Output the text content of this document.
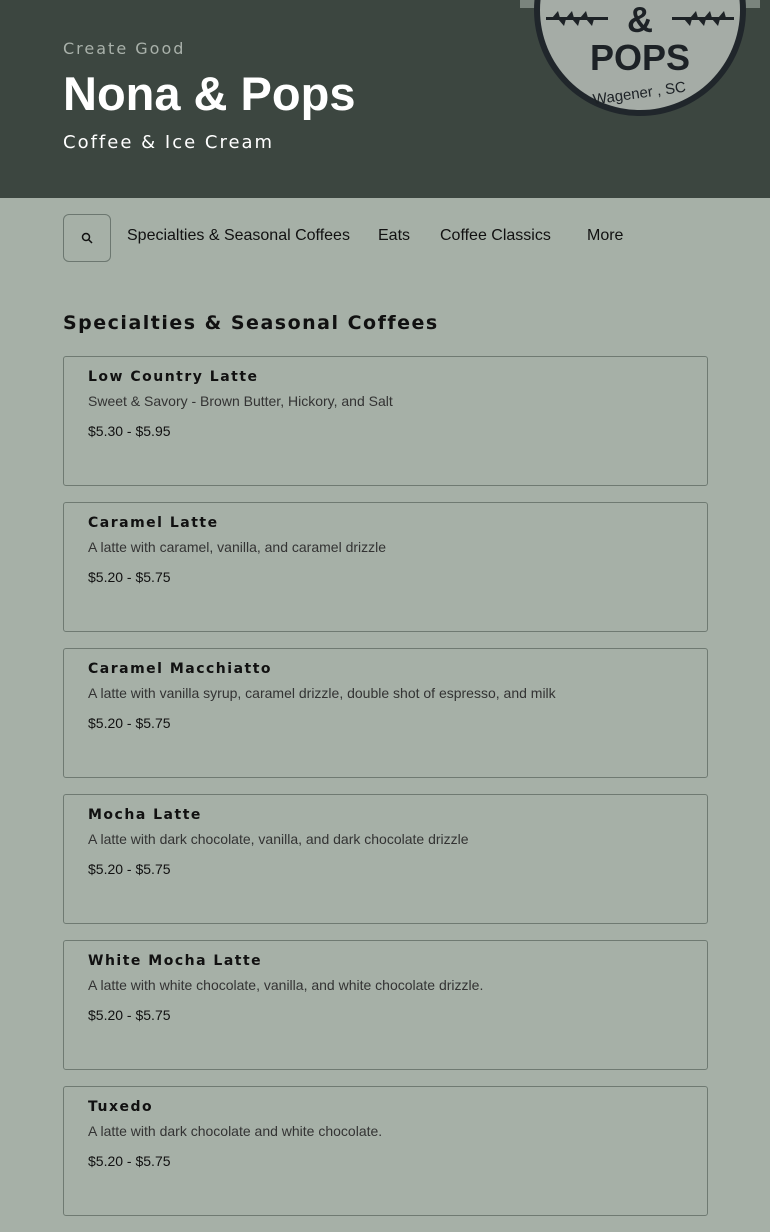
Create Good
Nona & Pops
Coffee & Ice Cream
&
POPS
Wagener , SC
Specialties & Seasonal Coffees Eats Coffee Classics More
Specialties & Seasonal Coffees
Low Country Latte
Sweet & Savory - Brown Butter, Hickory, and Salt
$5.30 - $5.95
Caramel Latte
A latte with caramel, vanilla, and caramel drizzle
$5.20 - $5.75
Caramel Macchiatto
A latte with vanilla syrup, caramel drizzle, double shot of espresso, and milk
$5.20 - $5.75
Mocha Latte
A latte with dark chocolate, vanilla, and dark chocolate drizzle
$5.20 - $5.75
White Mocha Latte
A latte with white chocolate, vanilla, and white chocolate drizzle.
$5.20 - $5.75
Tuxedo
A latte with dark chocolate and white chocolate.
$5.20 - $5.75
